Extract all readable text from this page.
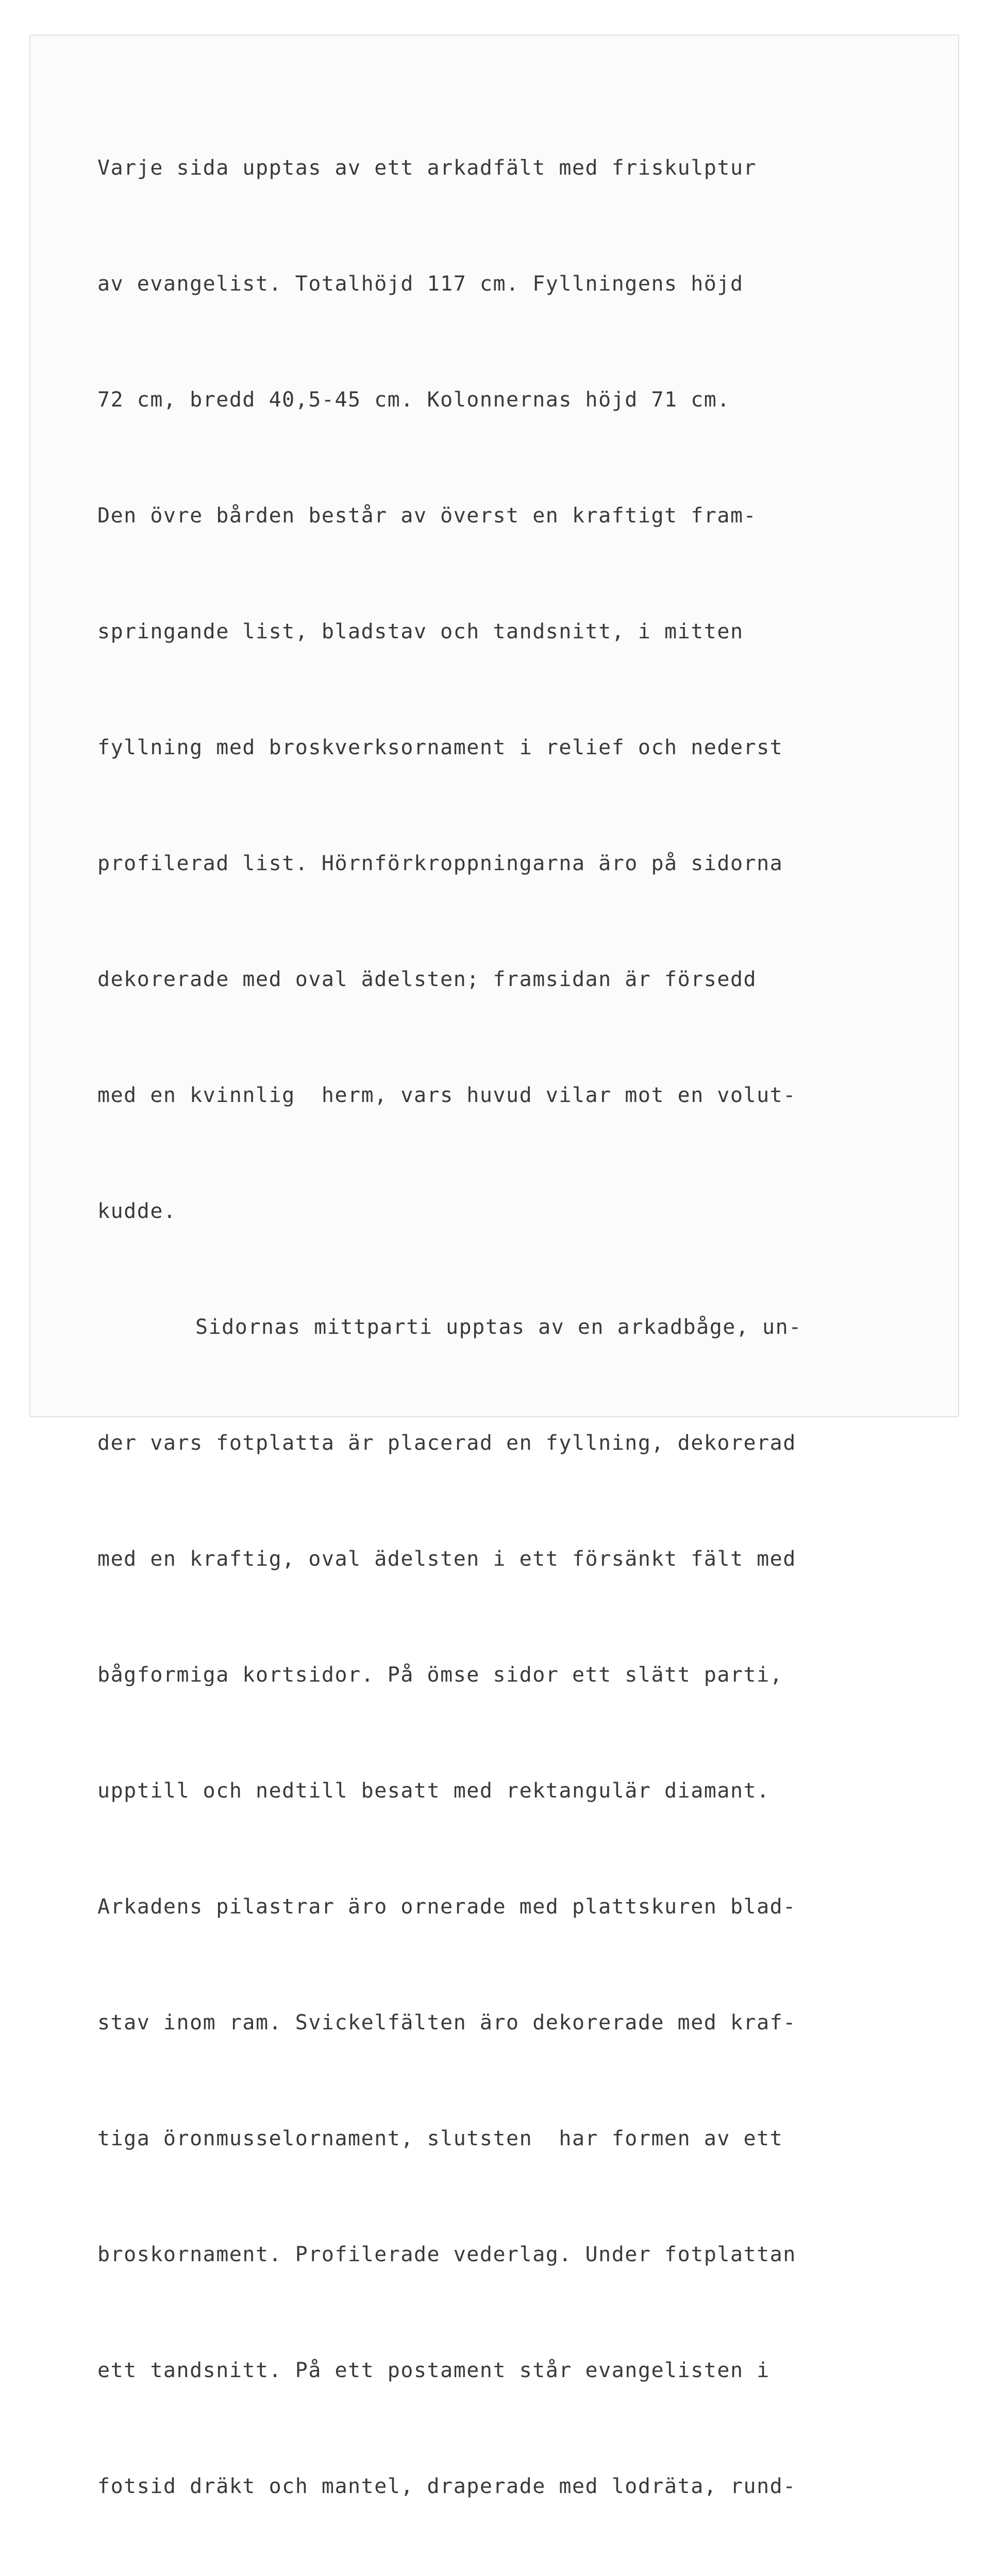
Varje sida upptas av ett arkadfält med friskulptur

av evangelist. Totalhöjd 117 cm. Fyllningens höjd

72 cm, bredd 40,5-45 cm. Kolonnernas höjd 71 cm.

Den övre bården består av överst en kraftigt fram-

springande list, bladstav och tandsnitt, i mitten

fyllning med broskverksornament i relief och nederst

profilerad list. Hörnförkroppningarna äro på sidorna

dekorerade med oval ädelsten; framsidan är försedd

med en kvinnlig  herm, vars huvud vilar mot en volut-

kudde.

Sidornas mittparti upptas av en arkadbåge, un-

der vars fotplatta är placerad en fyllning, dekorerad

med en kraftig, oval ädelsten i ett försänkt fält med

bågformiga kortsidor. På ömse sidor ett slätt parti,

upptill och nedtill besatt med rektangulär diamant.

Arkadens pilastrar äro ornerade med plattskuren blad-

stav inom ram. Svickelfälten äro dekorerade med kraf-

tiga öronmusselornament, slutsten  har formen av ett

broskornament. Profilerade vederlag. Under fotplattan

ett tandsnitt. På ett postament står evangelisten i

fotsid dräkt och mantel, draperade med lodräta, rund-
